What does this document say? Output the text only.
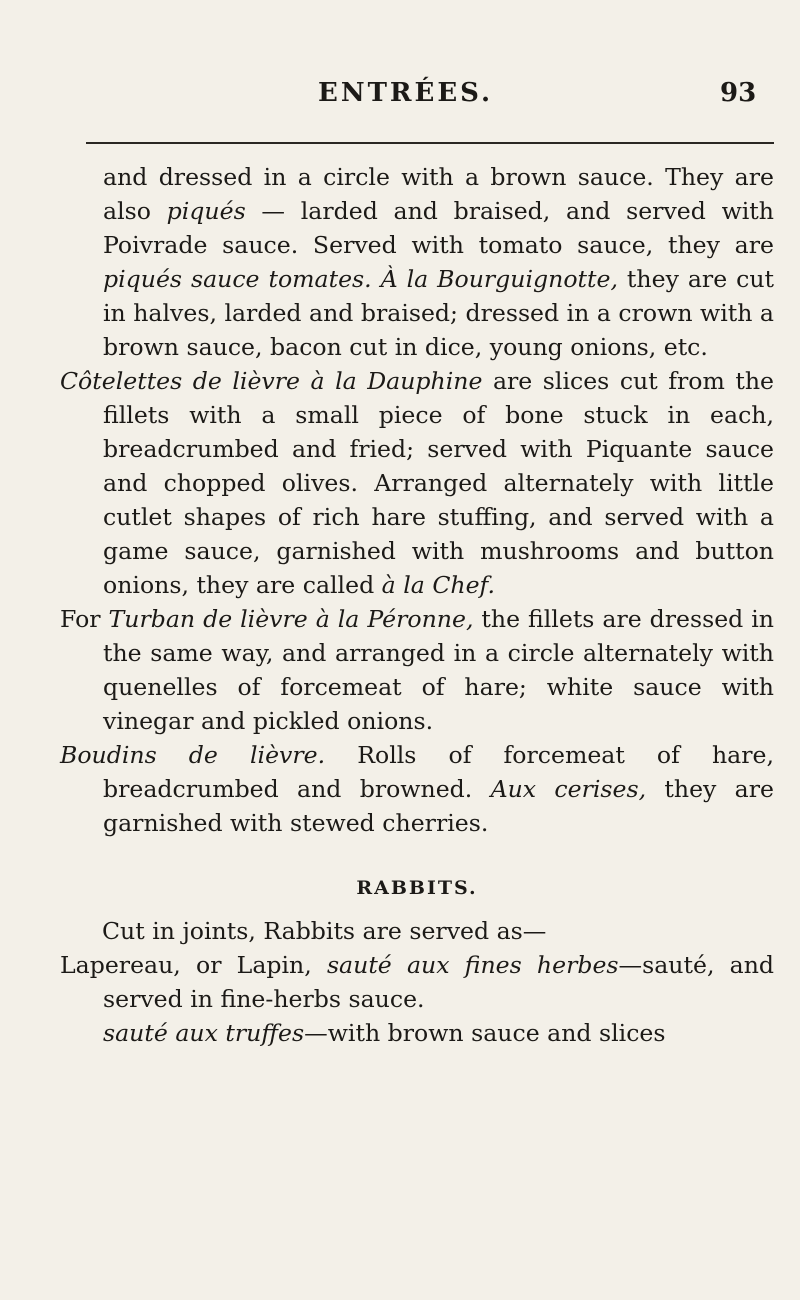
ENTRÉES.	93

and dressed in a circle with a brown sauce. They are also piqués — larded and braised, and served with Poivrade sauce. Served with tomato sauce, they are piqués sauce tomates. À la Bourguignotte, they are cut in halves, larded and braised; dressed in a crown with a brown sauce, bacon cut in dice, young onions, etc.

Côtelettes de lièvre à la Dauphine are slices cut from the fillets with a small piece of bone stuck in each, breadcrumbed and fried; served with Piquante sauce and chopped olives. Arranged alternately with little cutlet shapes of rich hare stuffing, and served with a game sauce, garnished with mushrooms and button onions, they are called à la Chef.

For Turban de lièvre à la Péronne, the fillets are dressed in the same way, and arranged in a circle alternately with quenelles of forcemeat of hare; white sauce with vinegar and pickled onions.

Boudins de lièvre. Rolls of forcemeat of hare, breadcrumbed and browned. Aux cerises, they are garnished with stewed cherries.

RABBITS.

Cut in joints, Rabbits are served as—

Lapereau, or Lapin, sauté aux fines herbes—sauté, and served in fine-herbs sauce.

sauté aux truffes—with brown sauce and slices
